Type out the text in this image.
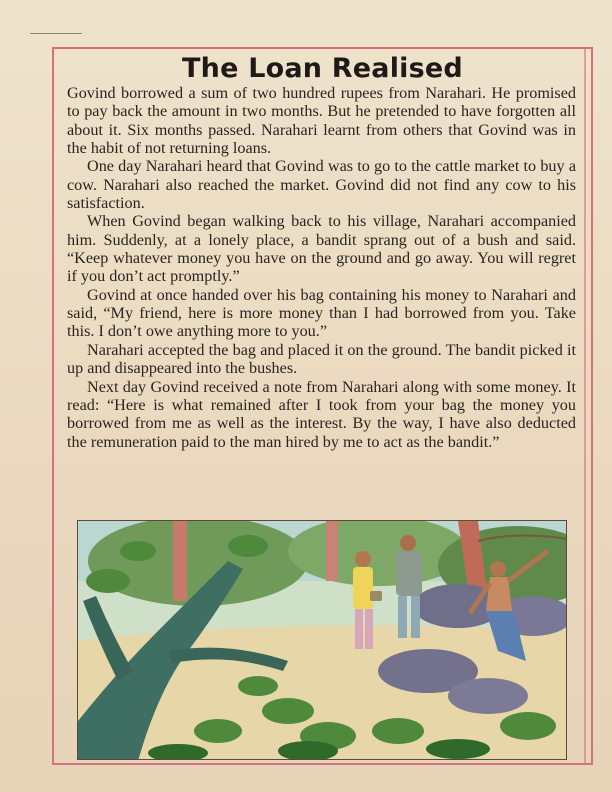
The Loan Realised

Govind borrowed a sum of two hundred rupees from Narahari. He promised to pay back the amount in two months. But he pretended to have forgotten all about it. Six months passed. Narahari learnt from others that Govind was in the habit of not returning loans.

One day Narahari heard that Govind was to go to the cattle market to buy a cow. Narahari also reached the market. Govind did not find any cow to his satisfaction.

When Govind began walking back to his village, Narahari accompanied him. Suddenly, at a lonely place, a bandit sprang out of a bush and said. “Keep whatever money you have on the ground and go away. You will regret if you don’t act promptly.”

Govind at once handed over his bag containing his money to Narahari and said, “My friend, here is more money than I had borrowed from you. Take this. I don’t owe anything more to you.”

Narahari accepted the bag and placed it on the ground. The bandit picked it up and disappeared into the bushes.

Next day Govind received a note from Narahari along with some money. It read: “Here is what remained after I took from your bag the money you borrowed from me as well as the interest. By the way, I have also deducted the remuneration paid to the man hired by me to act as the bandit.”
